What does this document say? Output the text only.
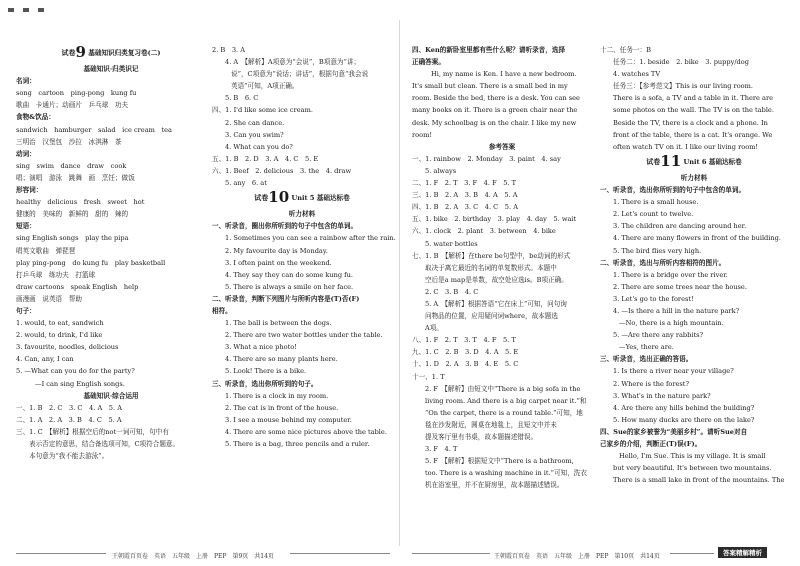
试卷9 基础知识归类复习卷(二)
基础知识·归类识记
名词：
song　cartoon　ping-pong　kung fu
歌曲　卡通片；动画片　乒乓球　功夫
食物&饮品：
sandwich　hamburger　salad　ice cream　tea
三明治　汉堡包　沙拉　冰淇淋　茶
动词：
sing　swim　dance　draw　cook
唱；演唱　游泳　跳舞　画　烹饪；做饭
形容词：
healthy　delicious　fresh　sweet　hot
健康的　美味的　新鲜的　甜的　辣的
短语：
sing English songs　play the pipa
唱英文歌曲　弹琵琶
play ping-pong　do kung fu　play basketball
打乒乓球　练功夫　打篮球
draw cartoons　speak English　help
画漫画　说英语　帮助
句子：
1. would, to eat, sandwich
2. would, to drink, I'd like
3. favourite, noodles, delicious
4. Can, any, I can
5. —What can you do for the party?
—I can sing English songs.
基础知识·综合运用
一、1. B　2. C　3. C　4. A　5. A
二、1. A　2. A　3. B　4. C　5. A
三、1. C　【解析】根据空后的not一词可知，句中有
表示否定的意思，结合备选项可知，C项符合题意。
本句意为“我不能去游泳”。
2. B　3. A
4. A　【解析】A项意为“会说”，B项意为“讲；
说”，C项意为“说话；讲话”，根据句意“我会说
英语”可知，A项正确。
5. B　6. C
四、1. I'd like some ice cream.
2. She can dance.
3. Can you swim?
4. What can you do?
五、1. B　2. D　3. A　4. C　5. E
六、1. Beef　2. delicious　3. the　4. draw
5. any　6. at
试卷10 Unit 5 基础达标卷
听力材料
一、听录音，圈出你所听到的句子中包含的单词。
1. Sometimes you can see a rainbow after the rain.
2. My favourite day is Monday.
3. I often paint on the weekend.
4. They say they can do some kung fu.
5. There is always a smile on her face.
二、听录音，判断下列图片与所听内容是(T)否(F)
相符。
1. The ball is between the dogs.
2. There are two water bottles under the table.
3. What a nice photo!
4. There are so many plants here.
5. Look! There is a bike.
三、听录音，选出你所听到的句子。
1. There is a clock in my room.
2. The cat is in front of the house.
3. I see a mouse behind my computer.
4. There are some nice pictures above the table.
5. There is a bag, three pencils and a ruler.
王朝霞百页卷　英语　五年级　上册　PEP　第9页　共14页
四、Ken的新卧室里都有些什么呢？请听录音，选择
正确答案。
Hi, my name is Ken. I have a new bedroom.
It's small but clean. There is a small bed in my
room. Beside the bed, there is a desk. You can see
many books on it. There is a green chair near the
desk. My schoolbag is on the chair. I like my new
room!
参考答案
一、1. rainbow　2. Monday　3. paint　4. say
5. always
二、1. F　2. T　3. F　4. F　5. T
三、1. B　2. A　3. B　4. A　5. A
四、1. B　2. A　3. C　4. C　5. A
五、1. bike　2. birthday　3. play　4. day　5. wait
六、1. clock　2. plant　3. between　4. bike
5. water bottles
七、1. B　【解析】在there be句型中，be动词的形式
取决于离它最近的名词的单复数形式。本题中
空后是a map是单数，故空处应选is。B项正确。
2. C　3. B　4. C
5. A　【解析】根据答语“它在床上”可知，问句询
问物品的位置，应用疑问词where，故本题选
A项。
八、1. F　2. T　3. T　4. F　5. T
九、1. C　2. B　3. D　4. A　5. E
十、1. D　2. A　3. B　4. E　5. C
十一、1. T
2. F　【解析】由短文中“There is a big sofa in the
living room. And there is a big carpet near it.”和
“On the carpet, there is a round table.”可知，地
毯在沙发附近，圆桌在地毯上，且短文中并未
提及客厅里有书桌，故本题描述错误。
3. F　4. T
5. F　【解析】根据短文中“There is a bathroom,
too. There is a washing machine in it.”可知，洗衣
机在浴室里，并不在厨房里，故本题描述错误。
十二、任务一：B
任务二：1. beside　2. bike　3. puppy/dog
4. watches TV
任务三：【参考范文】This is our living room.
There is a sofa, a TV and a table in it. There are
some photos on the wall. The TV is on the table.
Beside the TV, there is a clock and a phone. In
front of the table, there is a cat. It's orange. We
often watch TV on it. I like our living room!
试卷11 Unit 6 基础达标卷
听力材料
一、听录音，选出你所听到的句子中包含的单词。
1. There is a small house.
2. Let's count to twelve.
3. The children are dancing around her.
4. There are many flowers in front of the building.
5. The bird flies very high.
二、听录音，选出与所听内容相符的图片。
1. There is a bridge over the river.
2. There are some trees near the house.
3. Let's go to the forest!
4. —Is there a hill in the nature park?
—No, there is a high mountain.
5. —Are there any rabbits?
—Yes, there are.
三、听录音，选出正确的答语。
1. Is there a river near your village?
2. Where is the forest?
3. What's in the nature park?
4. Are there any hills behind the building?
5. How many ducks are there on the lake?
四、Sue的家乡被誉为“美丽乡村”。请听Sue对自
己家乡的介绍，判断正(T)误(F)。
Hello, I'm Sue. This is my village. It is small
but very beautiful. It's between two mountains.
There is a small lake in front of the mountains. The
王朝霞百页卷　英语　五年级　上册　PEP　第10页　共14页	答案精解精析
